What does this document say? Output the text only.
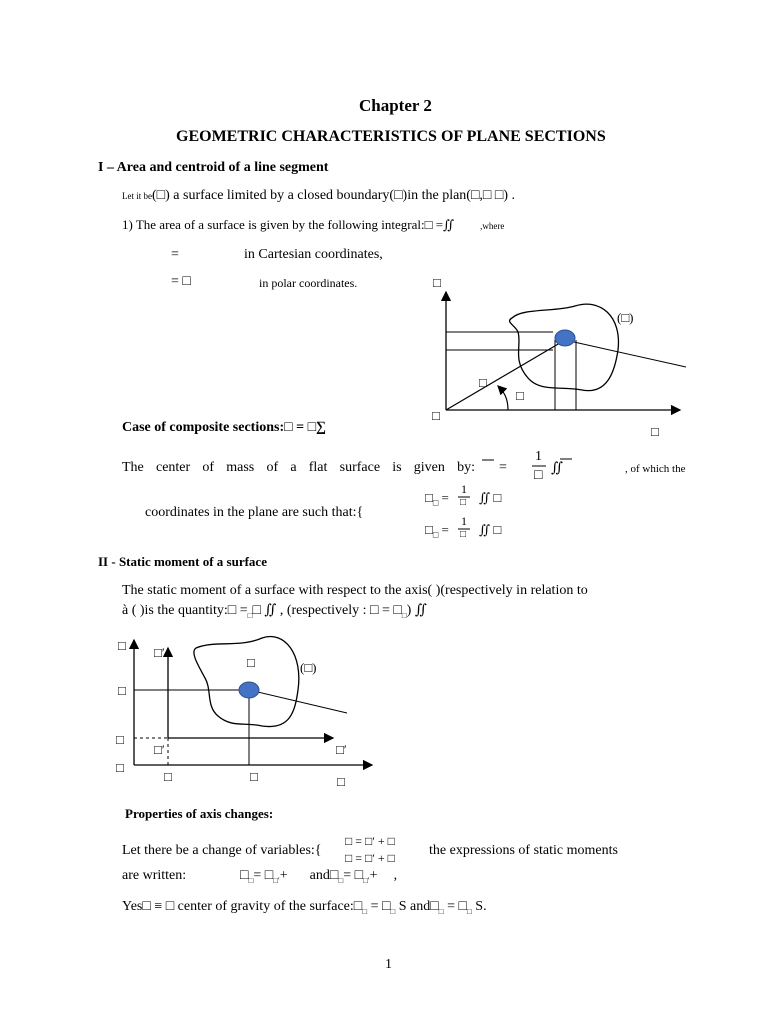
Chapter 2
GEOMETRIC CHARACTERISTICS OF PLANE SECTIONS
I – Area and centroid of a line segment
Let it be(□) a surface limited by a closed boundary(□)in the plan(□,□ □) .
1) The area of a surface is given by the following integral:□ =∬	,where
=	in Cartesian coordinates,
= □	in polar coordinates.	□
(□)
□
□
□
□
Case of composite sections:□ = □∑
The center of mass of a flat surface is given by: =
1
□ ∬	, of which the
coordinates in the plane are such that:{
$□_□$ =
1
□ ∬ □
$□_□$ =
1
□ ∬ □
II - Static moment of a surface
The static moment of a surface with respect to the axis( )(respectively in relation to
à ( )is the quantity:□ $=_□□$ ∬ , (respectively : □ = $□_□$) ∬
□ □′
□	(□)
□
□
□′	□′
□
□	□	□
Properties of axis changes:
Let there be a change of variables:{
□ = □′ + □
□ = □′ + □ the expressions of static moments
are written:	$□_□=$ $□_{□'}+$ $and□_□=$ $□_{□'}+$ ,
Yes□ ≡ □ center of gravity of the $surface:□_□$ = $□_□$ S $and□_□$ = $□_□$ S.
1
